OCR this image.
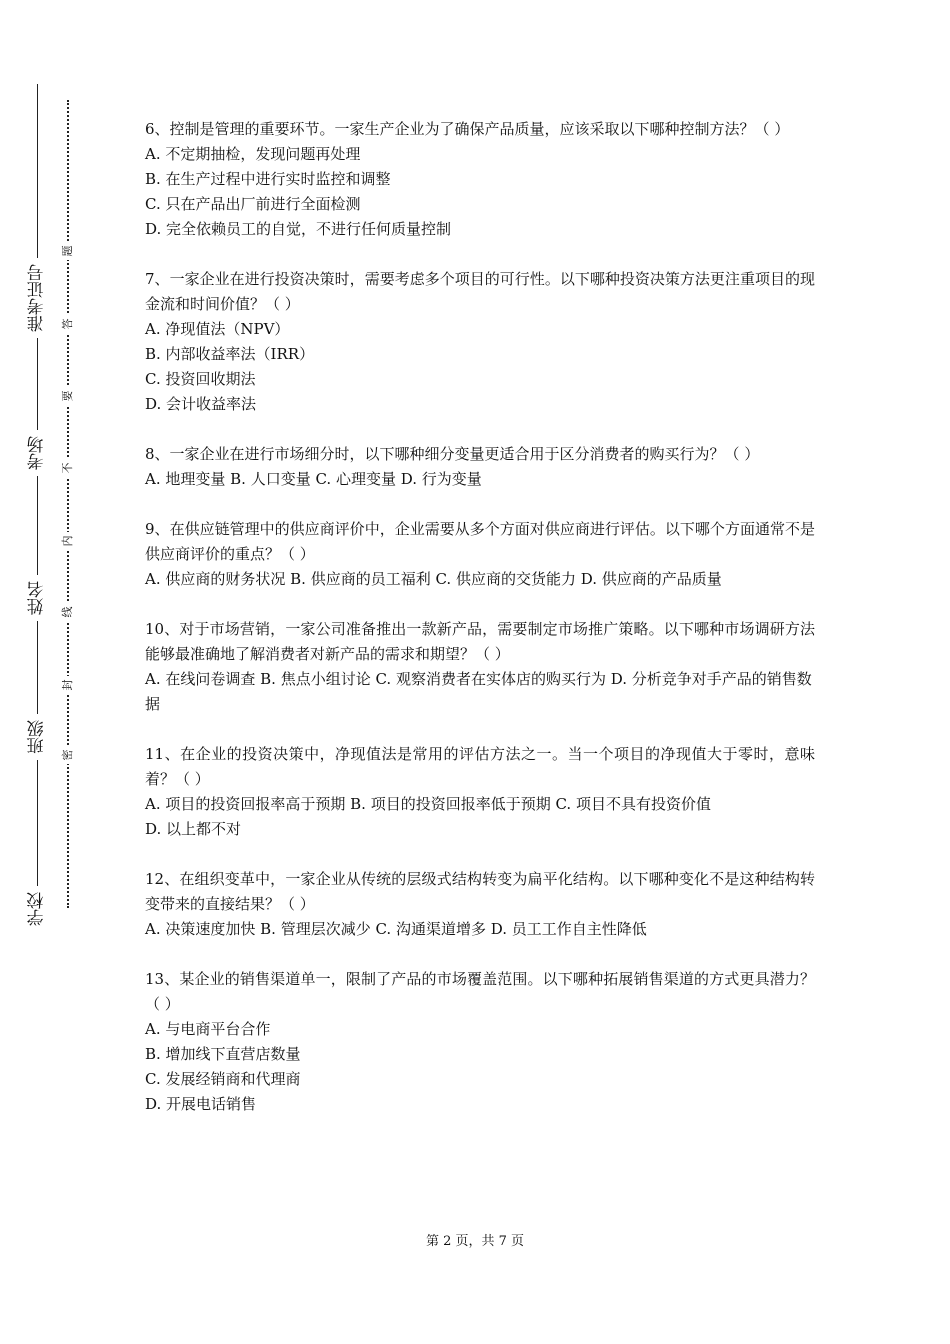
准考证号
考场
姓名
班级
学校
题
答
要
不
内
线
封
密

6、控制是管理的重要环节。一家生产企业为了确保产品质量，应该采取以下哪种控制方法？（ ）

A. 不定期抽检，发现问题再处理

B. 在生产过程中进行实时监控和调整

C. 只在产品出厂前进行全面检测

D. 完全依赖员工的自觉，不进行任何质量控制

7、一家企业在进行投资决策时，需要考虑多个项目的可行性。以下哪种投资决策方法更注重项目的现金流和时间价值？（ ）

A. 净现值法（NPV）

B. 内部收益率法（IRR）

C. 投资回收期法

D. 会计收益率法

8、一家企业在进行市场细分时，以下哪种细分变量更适合用于区分消费者的购买行为？（ ）

A. 地理变量 B. 人口变量 C. 心理变量 D. 行为变量

9、在供应链管理中的供应商评价中，企业需要从多个方面对供应商进行评估。以下哪个方面通常不是供应商评价的重点？（ ）

A. 供应商的财务状况 B. 供应商的员工福利 C. 供应商的交货能力 D. 供应商的产品质量

10、对于市场营销，一家公司准备推出一款新产品，需要制定市场推广策略。以下哪种市场调研方法能够最准确地了解消费者对新产品的需求和期望？（ ）

A. 在线问卷调查 B. 焦点小组讨论 C. 观察消费者在实体店的购买行为 D. 分析竞争对手产品的销售数据

11、在企业的投资决策中，净现值法是常用的评估方法之一。当一个项目的净现值大于零时，意味着？（ ）

A. 项目的投资回报率高于预期 B. 项目的投资回报率低于预期 C. 项目不具有投资价值

D. 以上都不对

12、在组织变革中，一家企业从传统的层级式结构转变为扁平化结构。以下哪种变化不是这种结构转变带来的直接结果？（ ）

A. 决策速度加快 B. 管理层次减少 C. 沟通渠道增多 D. 员工工作自主性降低

13、某企业的销售渠道单一，限制了产品的市场覆盖范围。以下哪种拓展销售渠道的方式更具潜力？（ ）

A. 与电商平台合作

B. 增加线下直营店数量

C. 发展经销商和代理商

D. 开展电话销售

第 2 页，共 7 页
